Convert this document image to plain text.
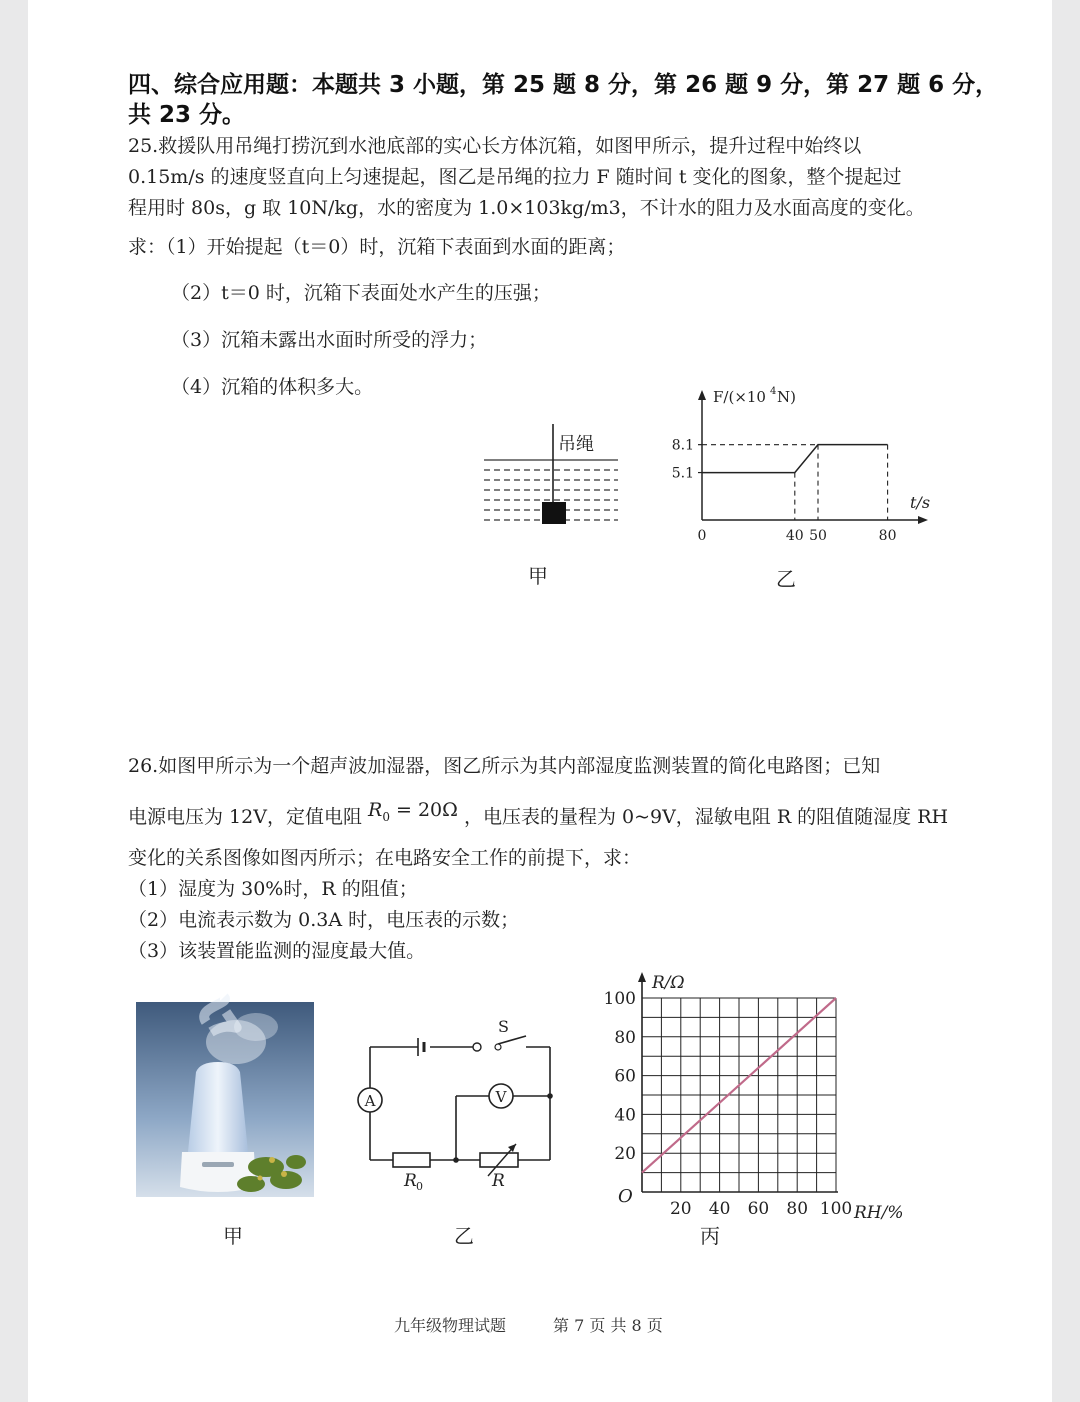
四、综合应用题：本题共 3 小题，第 25 题 8 分，第 26 题 9 分，第 27 题 6 分，
共 23 分。
25.救援队用吊绳打捞沉到水池底部的实心长方体沉箱，如图甲所示，提升过程中始终以
0.15m/s 的速度竖直向上匀速提起，图乙是吊绳的拉力 F 随时间 t 变化的图象，整个提起过
程用时 80s，g 取 10N/kg，水的密度为 1.0×103kg/m3，不计水的阻力及水面高度的变化。
求：（1）开始提起（t＝0）时，沉箱下表面到水面的距离；
（2）t＝0 时，沉箱下表面处水产生的压强；
（3）沉箱未露出水面时所受的浮力；
（4）沉箱的体积多大。
吊绳
甲
8.1
5.1
40 50	80
0
t/s
F/(×10 4 N)
乙
26.如图甲所示为一个超声波加湿器，图乙所示为其内部湿度监测装置的简化电路图；已知
电源电压为 12V，定值电阻 $R_0 = 20\Omega$ ，电压表的量程为 0~9V，湿敏电阻 R 的阻值随湿度 RH
变化的关系图像如图丙所示；在电路安全工作的前提下，求：
（1）湿度为 30%时，R 的阻值；
（2）电流表示数为 0.3A 时，电压表的示数；
（3）该装置能监测的湿度最大值。
甲
S
A	V
R 0	R
乙
100
80
60
40
20
20 40 60 80 100
O
R/Ω
RH/%
丙
九年级物理试题	第 7 页 共 8 页
